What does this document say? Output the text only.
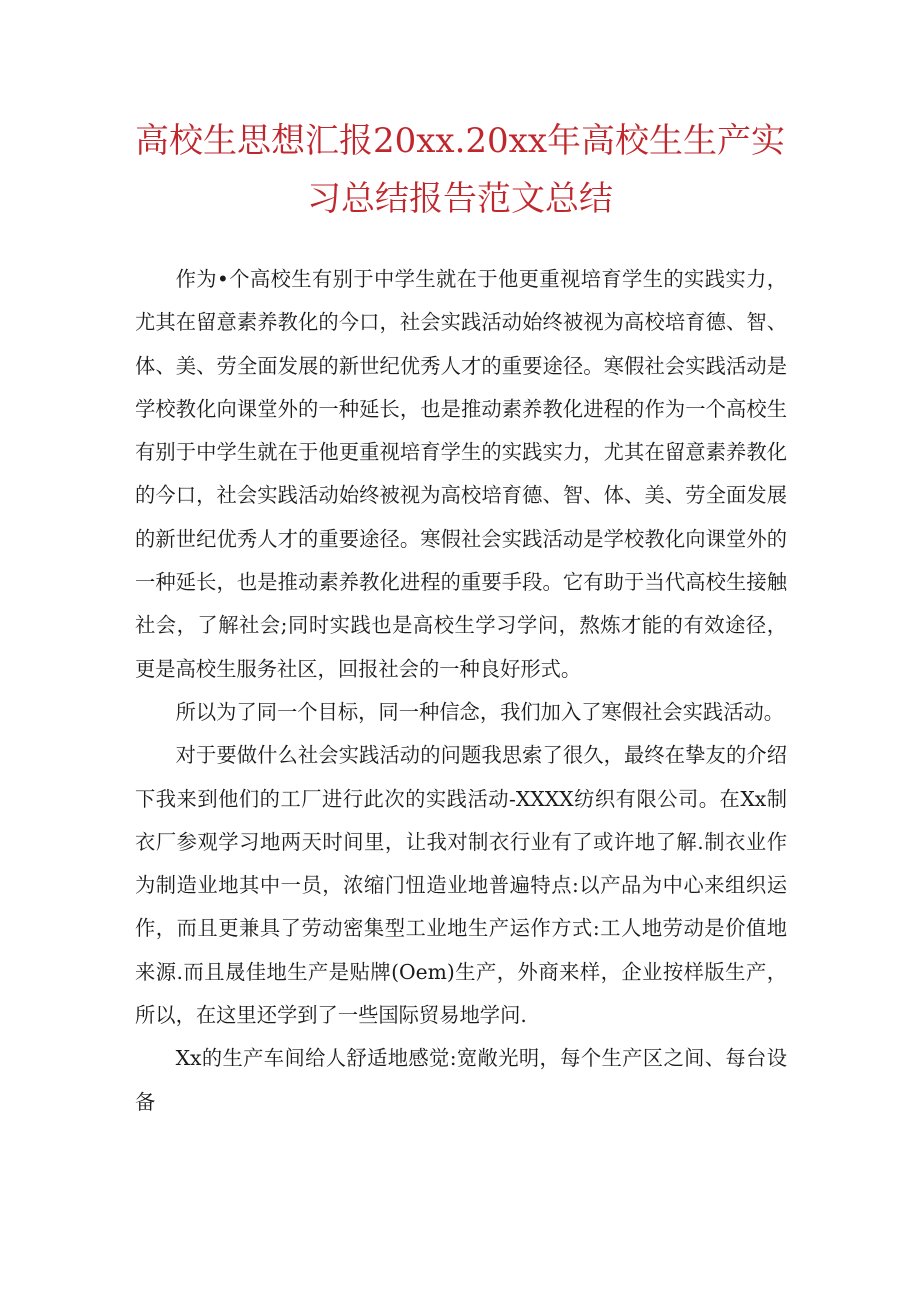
高校生思想汇报20xx.20xx年高校生生产实习总结报告范文总结

作为•个高校生有别于中学生就在于他更重视培育学生的实践实力，尤其在留意素养教化的今口，社会实践活动始终被视为高校培育德、智、体、美、劳全面发展的新世纪优秀人才的重要途径。寒假社会实践活动是学校教化向课堂外的一种延长，也是推动素养教化进程的作为一个高校生有别于中学生就在于他更重视培育学生的实践实力，尤其在留意素养教化的今口，社会实践活动始终被视为高校培育德、智、体、美、劳全面发展的新世纪优秀人才的重要途径。寒假社会实践活动是学校教化向课堂外的一种延长，也是推动素养教化进程的重要手段。它有助于当代高校生接触社会，了解社会;同时实践也是高校生学习学问，熬炼才能的有效途径，更是高校生服务社区，回报社会的一种良好形式。

所以为了同一个目标，同一种信念，我们加入了寒假社会实践活动。

对于要做什么社会实践活动的问题我思索了很久，最终在挚友的介绍下我来到他们的工厂进行此次的实践活动-XXXX纺织有限公司。在Xx制衣厂参观学习地两天时间里，让我对制衣行业有了或许地了解.制衣业作为制造业地其中一员，浓缩门忸造业地普遍特点:以产品为中心来组织运作，而且更兼具了劳动密集型工业地生产运作方式:工人地劳动是价值地来源.而且晟佳地生产是贴牌(Oem)生产，外商来样，企业按样版生产，所以，在这里还学到了一些国际贸易地学问.

Xx的生产车间给人舒适地感觉:宽敞光明，每个生产区之间、每台设备
